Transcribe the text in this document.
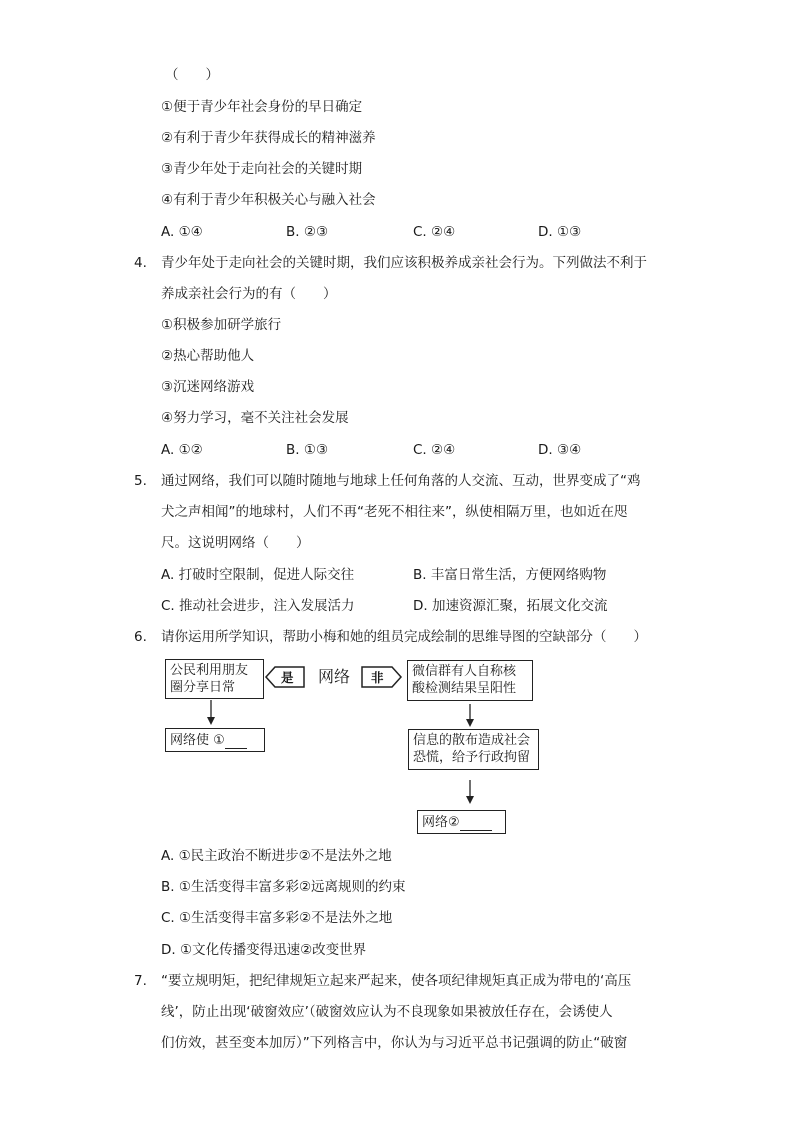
（　　）
①便于青少年社会身份的早日确定
②有利于青少年获得成长的精神滋养
③青少年处于走向社会的关键时期
④有利于青少年积极关心与融入社会
A. ①④	B. ②③	C. ②④	D. ①③
4. 青少年处于走向社会的关键时期，我们应该积极养成亲社会行为。下列做法不利于
养成亲社会行为的有（　　）
①积极参加研学旅行
②热心帮助他人
③沉迷网络游戏
④努力学习，毫不关注社会发展
A. ①②	B. ①③	C. ②④	D. ③④
5. 通过网络，我们可以随时随地与地球上任何角落的人交流、互动，世界变成了“鸡
犬之声相闻”的地球村，人们不再“老死不相往来”，纵使相隔万里，也如近在咫
尺。这说明网络（　　）
A. 打破时空限制，促进人际交往	B. 丰富日常生活，方便网络购物
C. 推动社会进步，注入发展活力	D. 加速资源汇聚，拓展文化交流
6. 请你运用所学知识，帮助小梅和她的组员完成绘制的思维导图的空缺部分（　　）
公民利用朋友
圈分享日常
是 网络 非 微信群有人自称核
酸检测结果呈阳性
网络使 ①	信息的散布造成社会
恐慌，给予行政拘留
网络②
A. ①民主政治不断进步②不是法外之地
B. ①生活变得丰富多彩②远离规则的约束
C. ①生活变得丰富多彩②不是法外之地
D. ①文化传播变得迅速②改变世界
7. “要立规明矩，把纪律规矩立起来严起来，使各项纪律规矩真正成为带电的‘高压
线’，防止出现‘破窗效应’（破窗效应认为不良现象如果被放任存在，会诱使人
们仿效，甚至变本加厉）”下列格言中，你认为与习近平总书记强调的防止“破窗
